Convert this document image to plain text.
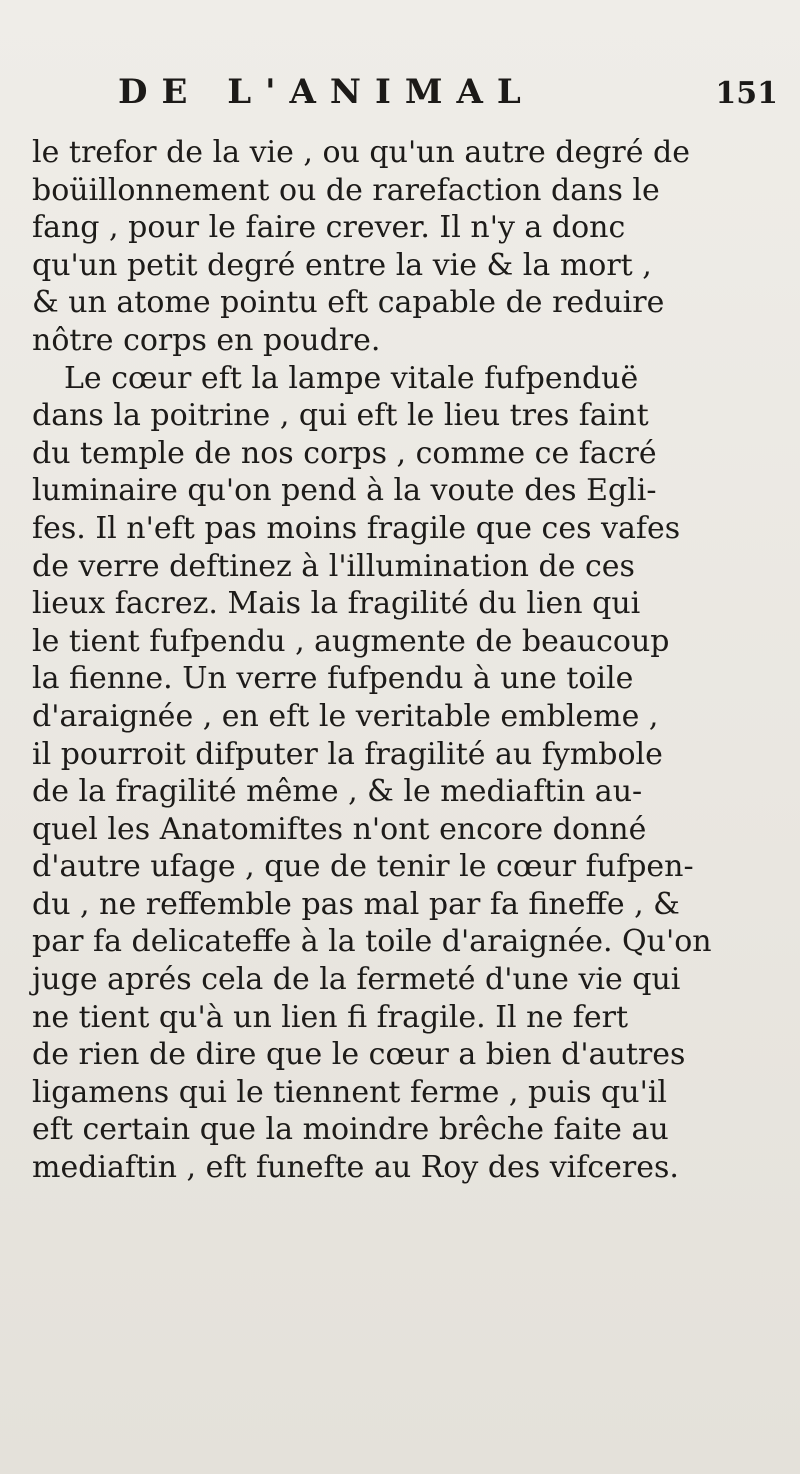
DE L'ANIMAL	151
le trefor de la vie , ou qu'un autre degré de
boüillonnement ou de rarefaction dans le
fang , pour le faire crever. Il n'y a donc
qu'un petit degré entre la vie & la mort ,
& un atome pointu eft capable de reduire
nôtre corps en poudre.
Le cœur eft la lampe vitale fufpenduë
dans la poitrine , qui eft le lieu tres faint
du temple de nos corps , comme ce facré
luminaire qu'on pend à la voute des Egli-
fes. Il n'eft pas moins fragile que ces vafes
de verre deftinez à l'illumination de ces
lieux facrez. Mais la fragilité du lien qui
le tient fufpendu , augmente de beaucoup
la fienne. Un verre fufpendu à une toile
d'araignée , en eft le veritable embleme ,
il pourroit difputer la fragilité au fymbole
de la fragilité même , & le mediaftin au-
quel les Anatomiftes n'ont encore donné
d'autre ufage , que de tenir le cœur fufpen-
du , ne reffemble pas mal par fa fineffe , &
par fa delicateffe à la toile d'araignée. Qu'on
juge aprés cela de la fermeté d'une vie qui
ne tient qu'à un lien fi fragile. Il ne fert
de rien de dire que le cœur a bien d'autres
ligamens qui le tiennent ferme , puis qu'il
eft certain que la moindre brêche faite au
mediaftin , eft funefte au Roy des vifceres.
